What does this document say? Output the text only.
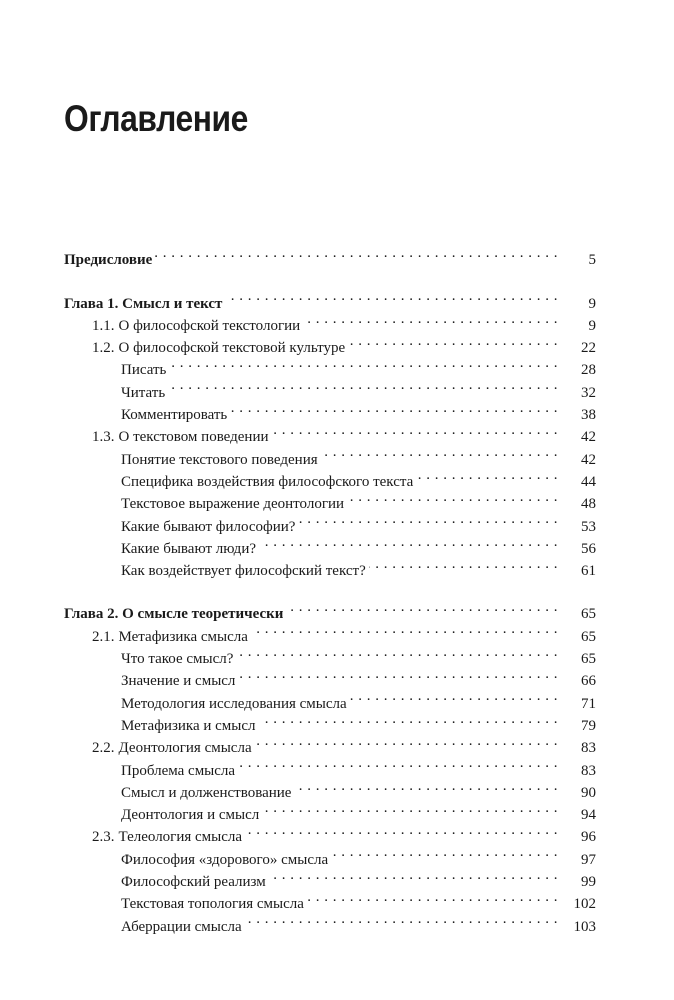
Оглавление
Предисловие . . .	5
Глава 1. Смысл и текст . . .	9
1.1. О философской текстологии . . .	9
1.2. О философской текстовой культуре . . .	22
Писать . . .	28
Читать . . .	32
Комментировать . . .	38
1.3. О текстовом поведении . . .	42
Понятие текстового поведения . . .	42
Специфика воздействия философского текста . . .	44
Текстовое выражение деонтологии . . .	48
Какие бывают философии? . . .	53
Какие бывают люди? . . .	56
Как воздействует философский текст? . . .	61
Глава 2. О смысле теоретически . . .	65
2.1. Метафизика смысла . . .	65
Что такое смысл? . . .	65
Значение и смысл . . .	66
Методология исследования смысла . . .	71
Метафизика и смысл . . .	79
2.2. Деонтология смысла . . .	83
Проблема смысла . . .	83
Смысл и долженствование . . .	90
Деонтология и смысл . . .	94
2.3. Телеология смысла . . .	96
Философия «здорового» смысла . . .	97
Философский реализм . . .	99
Текстовая топология смысла . . .	102
Аберрации смысла . . .	103
